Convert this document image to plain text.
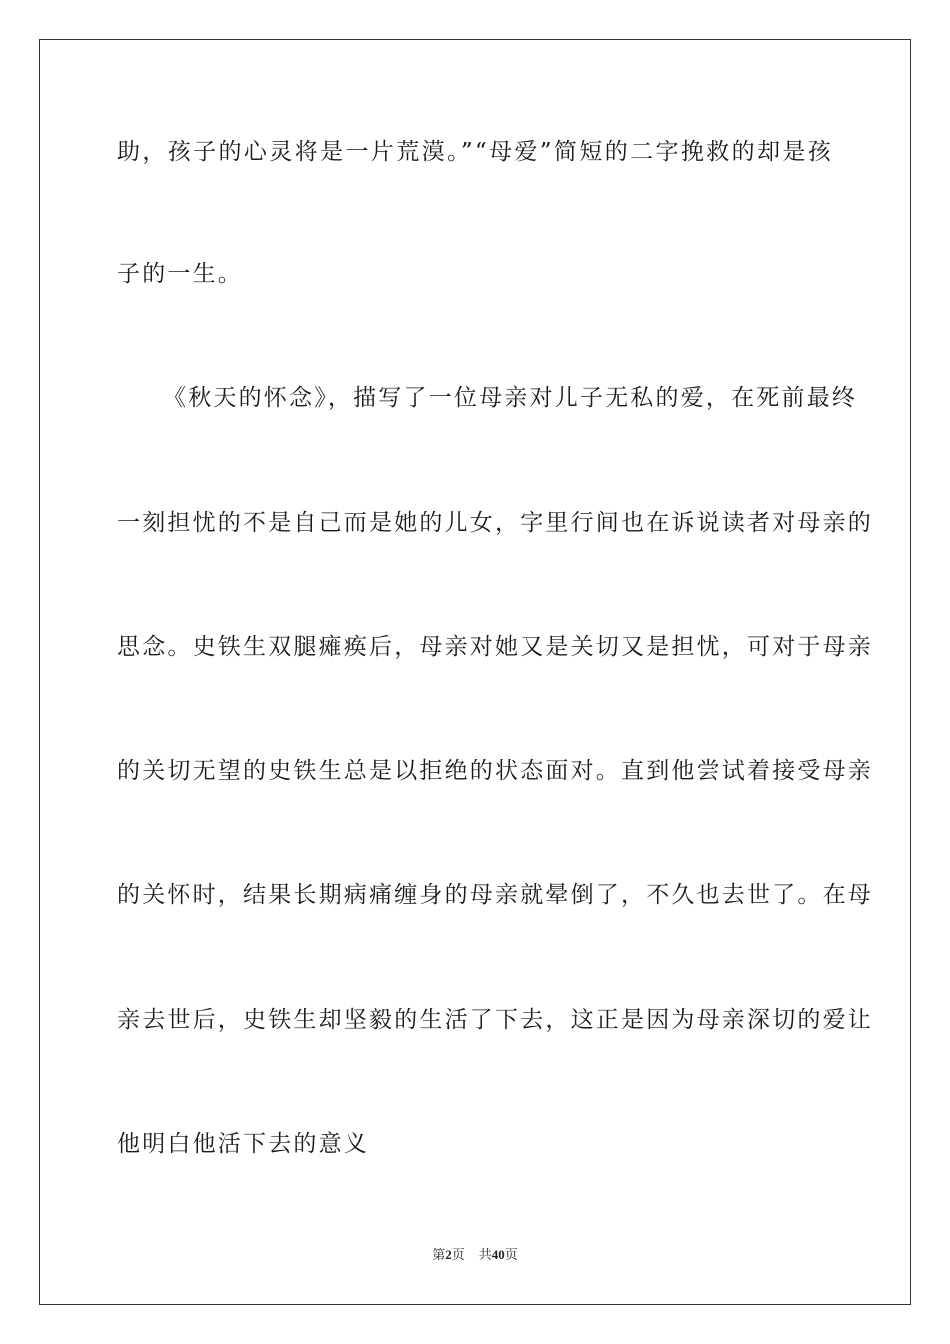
助，孩子的心灵将是一片荒漠。”“母爱”简短的二字挽救的却是孩
子的一生。
《秋天的怀念》，描写了一位母亲对儿子无私的爱，在死前最终
一刻担忧的不是自己而是她的儿女，字里行间也在诉说读者对母亲的
思念。史铁生双腿瘫痪后，母亲对她又是关切又是担忧，可对于母亲
的关切无望的史铁生总是以拒绝的状态面对。直到他尝试着接受母亲
的关怀时，结果长期病痛缠身的母亲就晕倒了，不久也去世了。在母
亲去世后，史铁生却坚毅的生活了下去，这正是因为母亲深切的爱让
他明白他活下去的意义
第2页 共40页
